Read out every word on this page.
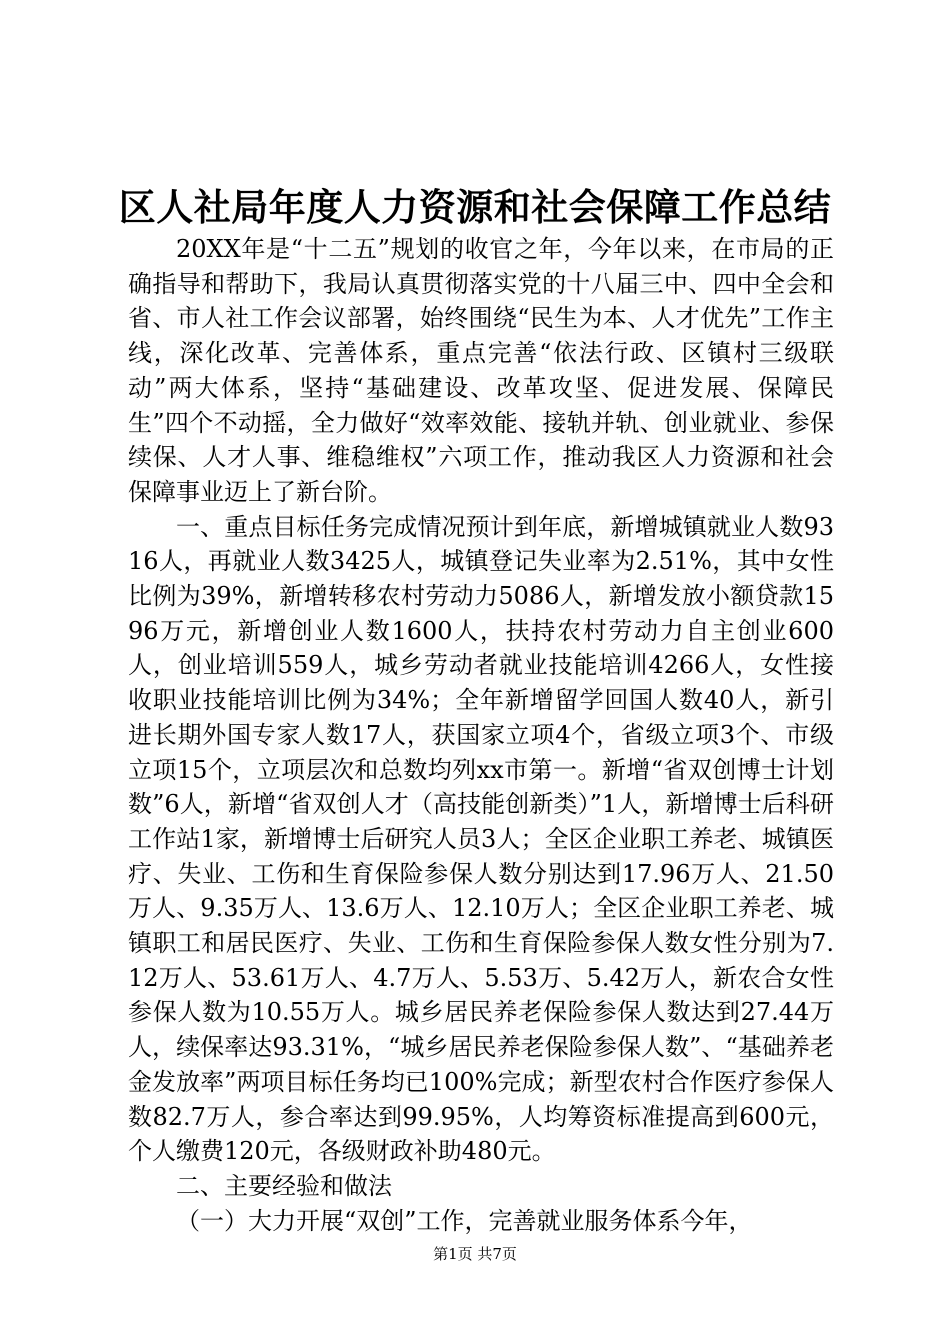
区人社局年度人力资源和社会保障工作总结

20XX年是“十二五”规划的收官之年，今年以来，在市局的正确指导和帮助下，我局认真贯彻落实党的十八届三中、四中全会和省、市人社工作会议部署，始终围绕“民生为本、人才优先”工作主线，深化改革、完善体系，重点完善“依法行政、区镇村三级联动”两大体系，坚持“基础建设、改革攻坚、促进发展、保障民生”四个不动摇，全力做好“效率效能、接轨并轨、创业就业、参保续保、人才人事、维稳维权”六项工作，推动我区人力资源和社会保障事业迈上了新台阶。

一、重点目标任务完成情况预计到年底，新增城镇就业人数9316人，再就业人数3425人，城镇登记失业率为2.51%，其中女性比例为39%，新增转移农村劳动力5086人，新增发放小额贷款1596万元，新增创业人数1600人，扶持农村劳动力自主创业600人，创业培训559人，城乡劳动者就业技能培训4266人，女性接收职业技能培训比例为34%；全年新增留学回国人数40人，新引进长期外国专家人数17人，获国家立项4个，省级立项3个、市级立项15个，立项层次和总数均列xx市第一。新增“省双创博士计划数”6人，新增“省双创人才（高技能创新类）”1人，新增博士后科研工作站1家，新增博士后研究人员3人；全区企业职工养老、城镇医疗、失业、工伤和生育保险参保人数分别达到17.96万人、21.50万人、9.35万人、13.6万人、12.10万人；全区企业职工养老、城镇职工和居民医疗、失业、工伤和生育保险参保人数女性分别为7.12万人、53.61万人、4.7万人、5.53万、5.42万人，新农合女性参保人数为10.55万人。城乡居民养老保险参保人数达到27.44万人，续保率达93.31%，“城乡居民养老保险参保人数”、“基础养老金发放率”两项目标任务均已100%完成；新型农村合作医疗参保人数82.7万人，参合率达到99.95%，人均筹资标准提高到600元，个人缴费120元，各级财政补助480元。

二、主要经验和做法

（一）大力开展“双创”工作，完善就业服务体系今年，

第1页 共7页
